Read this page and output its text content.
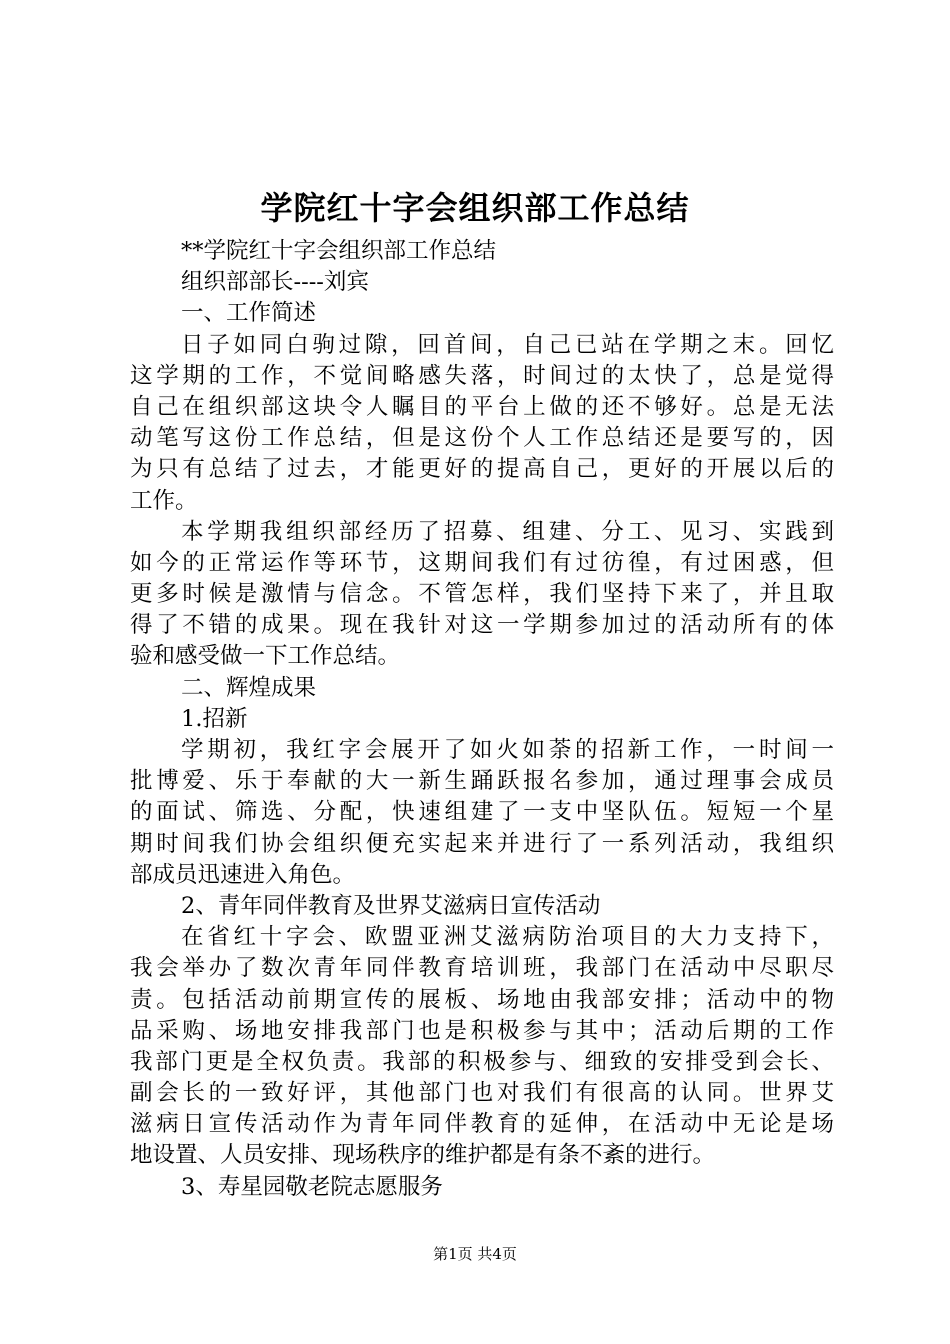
学院红十字会组织部工作总结
**学院红十字会组织部工作总结
组织部部长----刘宾
一、工作简述
日子如同白驹过隙，回首间，自己已站在学期之末。回忆
这学期的工作，不觉间略感失落，时间过的太快了，总是觉得
自己在组织部这块令人瞩目的平台上做的还不够好。总是无法
动笔写这份工作总结，但是这份个人工作总结还是要写的，因
为只有总结了过去，才能更好的提高自己，更好的开展以后的
工作。
本学期我组织部经历了招募、组建、分工、见习、实践到
如今的正常运作等环节，这期间我们有过彷徨，有过困惑，但
更多时候是激情与信念。不管怎样，我们坚持下来了，并且取
得了不错的成果。现在我针对这一学期参加过的活动所有的体
验和感受做一下工作总结。
二、辉煌成果
1.招新
学期初，我红字会展开了如火如荼的招新工作，一时间一
批博爱、乐于奉献的大一新生踊跃报名参加，通过理事会成员
的面试、筛选、分配，快速组建了一支中坚队伍。短短一个星
期时间我们协会组织便充实起来并进行了一系列活动，我组织
部成员迅速进入角色。
2、青年同伴教育及世界艾滋病日宣传活动
在省红十字会、欧盟亚洲艾滋病防治项目的大力支持下，
我会举办了数次青年同伴教育培训班，我部门在活动中尽职尽
责。包括活动前期宣传的展板、场地由我部安排；活动中的物
品采购、场地安排我部门也是积极参与其中；活动后期的工作
我部门更是全权负责。我部的积极参与、细致的安排受到会长、
副会长的一致好评，其他部门也对我们有很高的认同。世界艾
滋病日宣传活动作为青年同伴教育的延伸，在活动中无论是场
地设置、人员安排、现场秩序的维护都是有条不紊的进行。
3、寿星园敬老院志愿服务
第1页 共4页
